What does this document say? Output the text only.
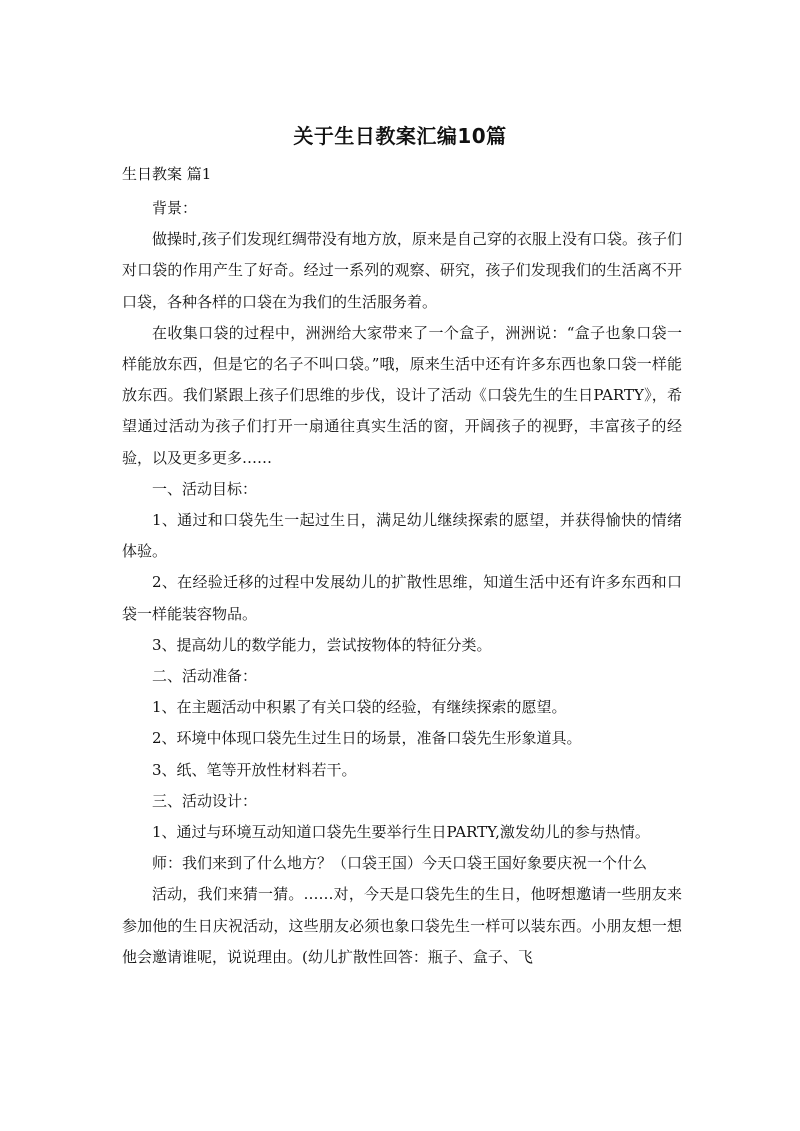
关于生日教案汇编10篇
生日教案 篇1

背景：

做操时,孩子们发现红绸带没有地方放，原来是自己穿的衣服上没有口袋。孩子们对口袋的作用产生了好奇。经过一系列的观察、研究，孩子们发现我们的生活离不开口袋，各种各样的口袋在为我们的生活服务着。

在收集口袋的过程中，洲洲给大家带来了一个盒子，洲洲说：“盒子也象口袋一样能放东西，但是它的名子不叫口袋。”哦，原来生活中还有许多东西也象口袋一样能放东西。我们紧跟上孩子们思维的步伐，设计了活动《口袋先生的生日PARTY》，希望通过活动为孩子们打开一扇通往真实生活的窗，开阔孩子的视野，丰富孩子的经验，以及更多更多……

一、活动目标：

1、通过和口袋先生一起过生日，满足幼儿继续探索的愿望，并获得愉快的情绪体验。

2、在经验迁移的过程中发展幼儿的扩散性思维，知道生活中还有许多东西和口袋一样能装容物品。

3、提高幼儿的数学能力，尝试按物体的特征分类。

二、活动准备：

1、在主题活动中积累了有关口袋的经验，有继续探索的愿望。

2、环境中体现口袋先生过生日的场景，准备口袋先生形象道具。

3、纸、笔等开放性材料若干。

三、活动设计：

1、通过与环境互动知道口袋先生要举行生日PARTY,激发幼儿的参与热情。

师：我们来到了什么地方？（口袋王国）今天口袋王国好象要庆祝一个什么

活动，我们来猜一猜。……对，今天是口袋先生的生日，他呀想邀请一些朋友来参加他的生日庆祝活动，这些朋友必须也象口袋先生一样可以装东西。小朋友想一想他会邀请谁呢，说说理由。(幼儿扩散性回答：瓶子、盒子、飞
